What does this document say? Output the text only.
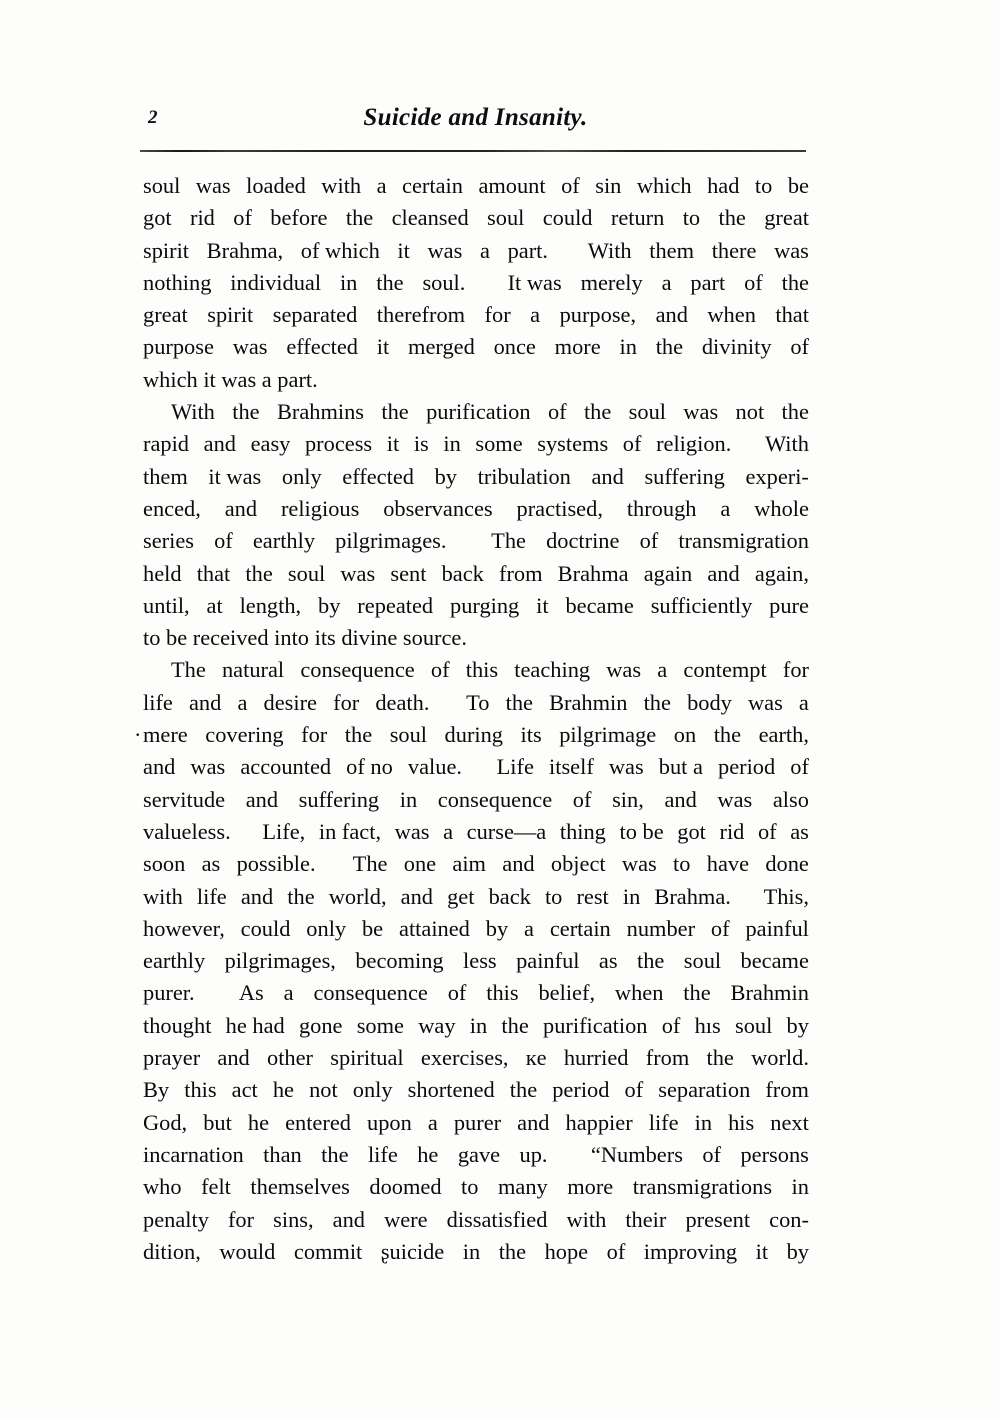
2	Suicide and Insanity.
soul was loaded with a certain amount of sin which had to be
got rid of before the cleansed soul could return to the great
spirit Brahma, of which it was a part.
  With them there was
nothing individual in the soul.
  It was merely a part of the
great spirit separated therefrom for a purpose, and when that
purpose was effected it merged once more in the divinity of
which it was a part.
With the Brahmins the purification of the soul was not the
rapid and easy process it is in some systems of religion.
  With
them it was only effected by tribulation and suffering experi-
enced, and religious observances practised, through a whole
series of earthly pilgrimages.
  The doctrine of transmigration
held that the soul was sent back from Brahma again and again,
until, at length, by repeated purging it became sufficiently pure
to be received into its divine source.
The natural consequence of this teaching was a contempt for
life and a desire for death.
  To the Brahmin the body was a
· mere covering for the soul during its pilgrimage on the earth,
and was accounted of no value.
  Life itself was but a period of
servitude and suffering in consequence of sin, and was also
valueless.
  Life, in fact, was a curse—a thing to be got rid of as
soon as possible.
  The one aim and object was to have done
with life and the world, and get back to rest in Brahma.
  This,
however, could only be attained by a certain number of painful
earthly pilgrimages, becoming less painful as the soul became
purer.
  As a consequence of this belief, when the Brahmin
thought he had gone some way in the purification of hıs soul by
prayer and other spiritual exercises, кe hurried from the world.
By this act he not only shortened the period of separation from
God, but he entered upon a purer and happier life in his next
incarnation than the life he gave up.
  “Numbers of persons
who felt themselves doomed to many more transmigrations in
penalty for sins, and were dissatisfied with their present con-
dition, would commit ʂuicide in the hope of improving it by
